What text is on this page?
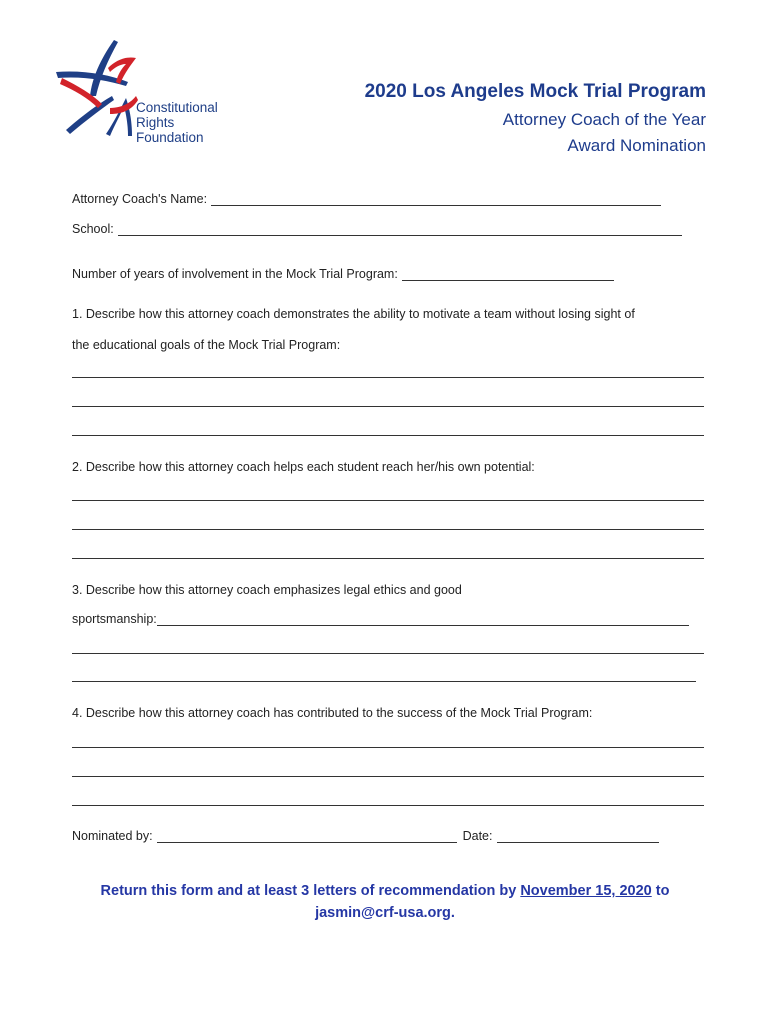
Constitutional
Rights
Foundation
2020 Los Angeles Mock Trial Program
Attorney Coach of the Year
Award Nomination
Attorney Coach's Name:
School:
Number of years of involvement in the Mock Trial Program:
1. Describe how this attorney coach demonstrates the ability to motivate a team without losing sight of
the educational goals of the Mock Trial Program:
2. Describe how this attorney coach helps each student reach her/his own potential:
3. Describe how this attorney coach emphasizes legal ethics and good
sportsmanship:
4. Describe how this attorney coach has contributed to the success of the Mock Trial Program:
Nominated by:	Date:
Return this form and at least 3 letters of recommendation by November 15, 2020 to
jasmin@crf-usa.org.
